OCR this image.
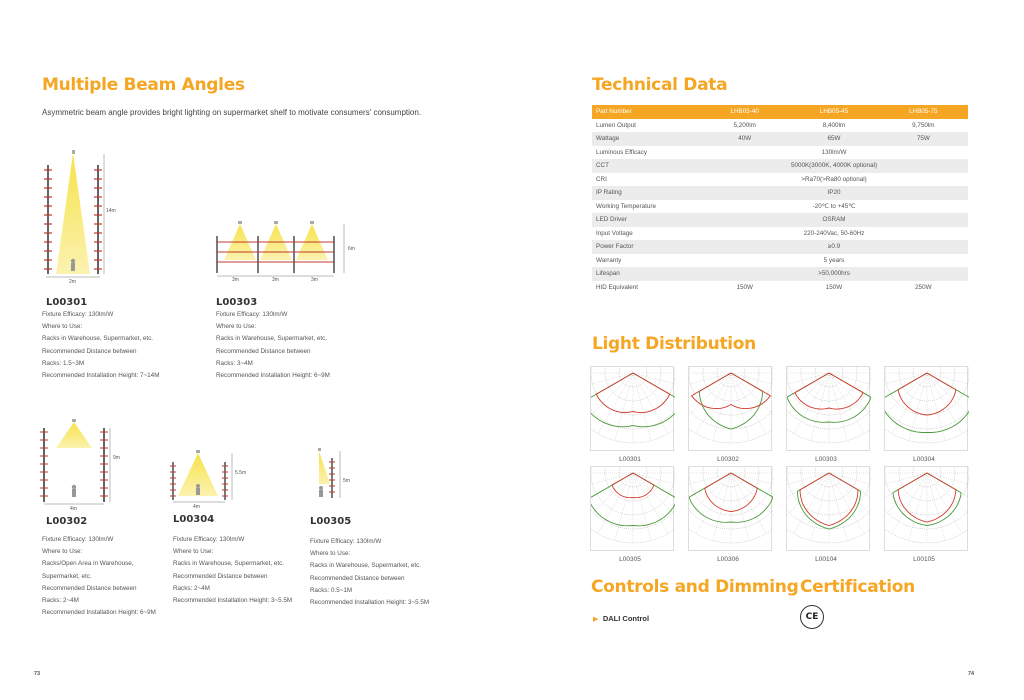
Multiple Beam Angles
Asymmetric beam angle provides bright lighting on supermarket shelf to motivate consumers' consumption.
2m
14m
3m	3m	3m
6m
L00301
Fixture Efficacy: 130lm/W
Where to Use:
Racks in Warehouse, Supermarket, etc.
Recommended Distance between
Racks: 1.5~3M
Recommended Installation Height: 7~14M
L00303
Fixture Efficacy: 130lm/W
Where to Use:
Racks in Warehouse, Supermarket, etc.
Recommended Distance between
Racks: 3~4M
Recommended Installation Height: 6~9M
4m
9m
4m
5.5m
5m
L00302
Fixture Efficacy: 130lm/W
Where to Use:
Racks/Open Area in Warehouse,
Supermarket, etc.
Recommended Distance between
Racks: 2~4M
Recommended Installation Height: 6~9M
L00304
Fixture Efficacy: 130lm/W
Where to Use:
Racks in Warehouse, Supermarket, etc.
Recommended Distance between
Racks: 2~4M
Recommended Installation Height: 3~5.5M
L00305
Fixture Efficacy: 130lm/W
Where to Use:
Racks in Warehouse, Supermarket, etc.
Recommended Distance between
Racks: 0.5~1M
Recommended Installation Height: 3~5.5M
73
Technical Data
Part Number	LHB05-40	LHB05-45	LHB05-75
Lumen Output	5,200lm	8,400lm	9,750lm
Wattage	40W	65W	75W
Luminous Efficacy	130lm/W		
CCT	5000K(3000K, 4000K optional)		
CRI	>Ra70(>Ra80 optional)		
IP Rating	IP20		
Working Temperature	-20℃ to +45℃		
LED Driver	OSRAM		
Input Voltage	220-240Vac, 50-60Hz		
Power Factor	≥0.9		
Warranty	5 years		
Lifespan	>50,000hrs		
HID Equivalent	150W	150W	250W
Light Distribution
L00301	L00302	L00303	L00304
L00305	L00306	L00104	L00105
Controls and Dimming Certification
▶ DALI Control	CE
74
